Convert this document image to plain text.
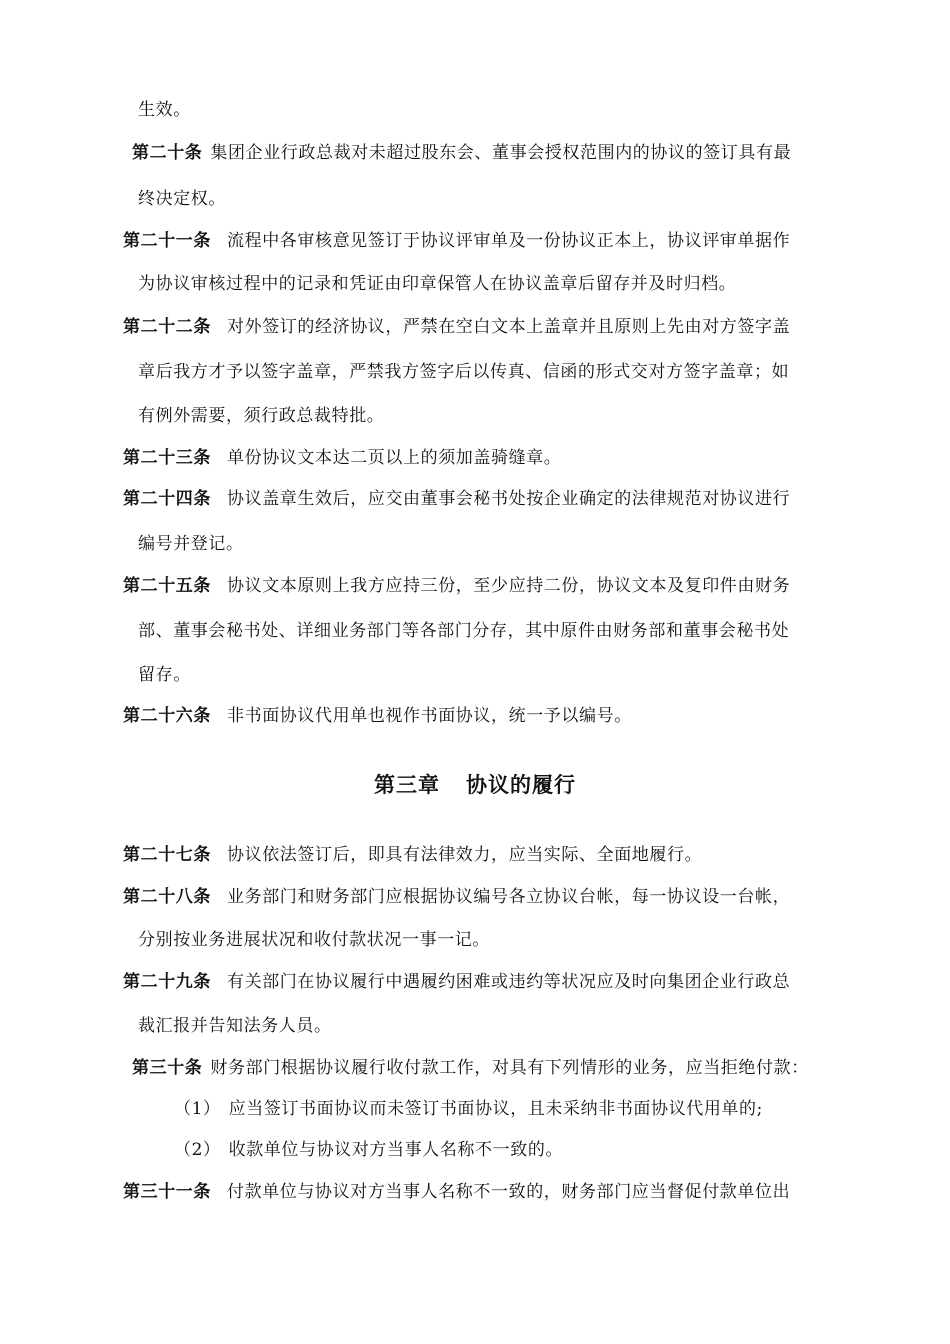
生效。
第二十条 集团企业行政总裁对未超过股东会、董事会授权范围内的协议的签订具有最
终决定权。
第二十一条 流程中各审核意见签订于协议评审单及一份协议正本上，协议评审单据作
为协议审核过程中的记录和凭证由印章保管人在协议盖章后留存并及时归档。
第二十二条 对外签订的经济协议，严禁在空白文本上盖章并且原则上先由对方签字盖
章后我方才予以签字盖章，严禁我方签字后以传真、信函的形式交对方签字盖章；如
有例外需要，须行政总裁特批。
第二十三条 单份协议文本达二页以上的须加盖骑缝章。
第二十四条 协议盖章生效后，应交由董事会秘书处按企业确定的法律规范对协议进行
编号并登记。
第二十五条 协议文本原则上我方应持三份，至少应持二份，协议文本及复印件由财务
部、董事会秘书处、详细业务部门等各部门分存，其中原件由财务部和董事会秘书处
留存。
第二十六条 非书面协议代用单也视作书面协议，统一予以编号。
第三章 协议的履行
第二十七条 协议依法签订后，即具有法律效力，应当实际、全面地履行。
第二十八条 业务部门和财务部门应根据协议编号各立协议台帐，每一协议设一台帐，
分别按业务进展状况和收付款状况一事一记。
第二十九条 有关部门在协议履行中遇履约困难或违约等状况应及时向集团企业行政总
裁汇报并告知法务人员。
第三十条 财务部门根据协议履行收付款工作，对具有下列情形的业务，应当拒绝付款：
（1） 应当签订书面协议而未签订书面协议，且未采纳非书面协议代用单的;
（2） 收款单位与协议对方当事人名称不一致的。
第三十一条 付款单位与协议对方当事人名称不一致的，财务部门应当督促付款单位出
